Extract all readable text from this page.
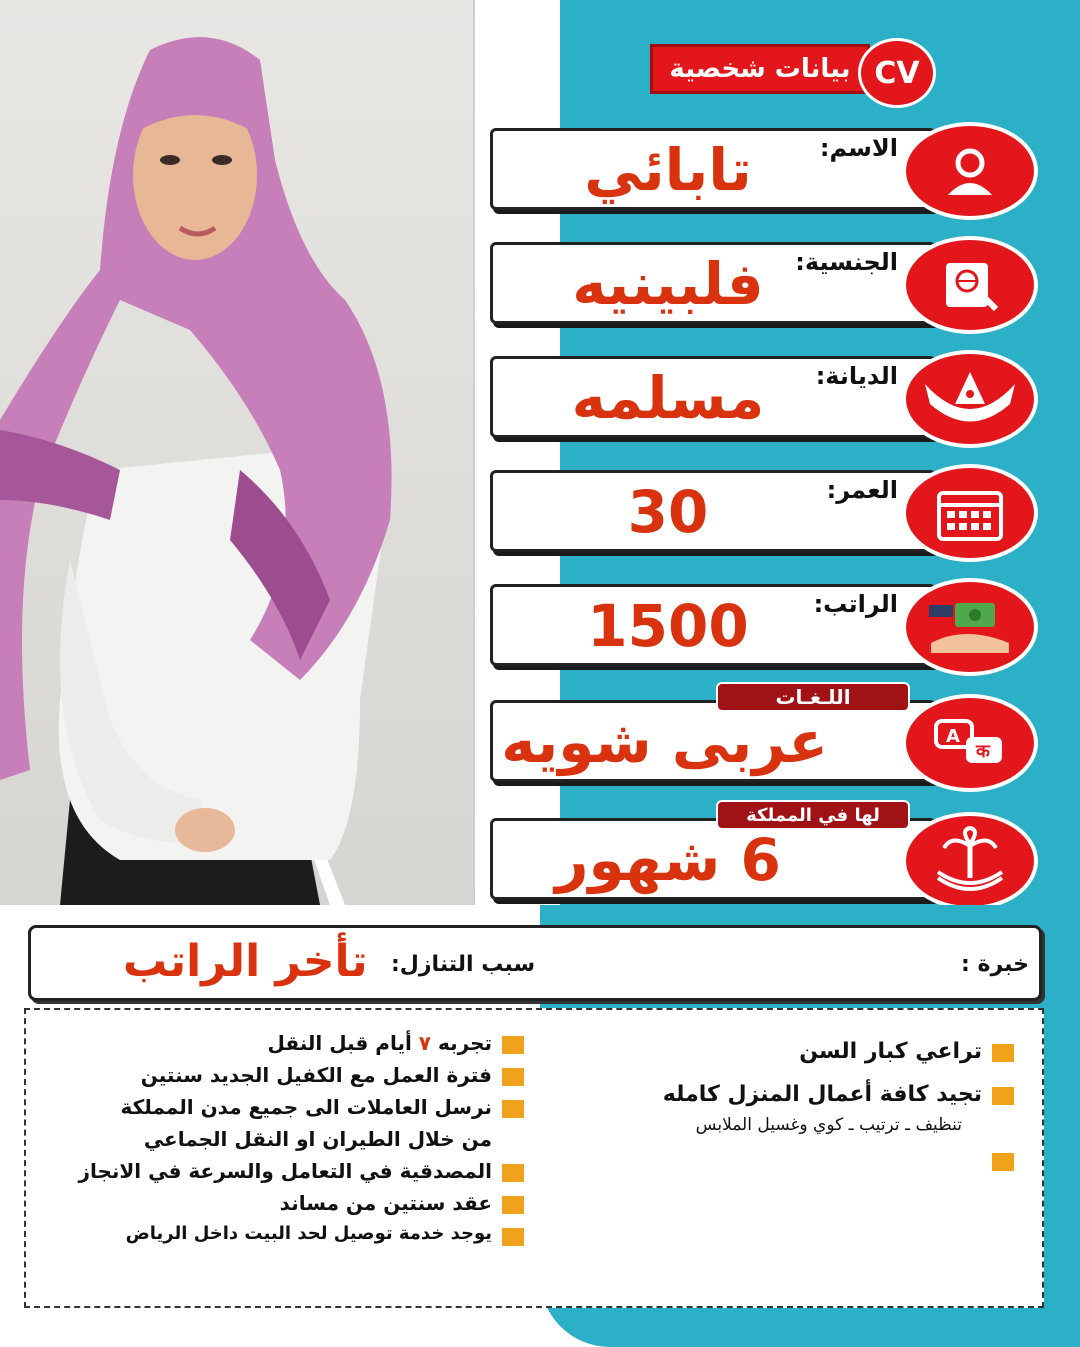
بيانات شخصية CV
الاسم:
تابائي
الجنسية:
فلبينيه
الديانة:
مسلمه
العمر:
30
الراتب:
1500
اللـغـات
عربى شويه	A
क
لها في المملكة
6 شهور
تأخر الراتب سبب التنازل:	خبرة :
تجربه ٧ أيام قبل النقل
فترة العمل مع الكفيل الجديد سنتين
نرسل العاملات الى جميع مدن المملكة
من خلال الطيران او النقل الجماعي
المصدقية في التعامل والسرعة في الانجاز
عقد سنتين من مساند
يوجد خدمة توصيل لحد البيت داخل الرياض
تراعي كبار السن
تجيد كافة أعمال المنزل كامله
تنظيف ـ ترتيب ـ كوي وغسيل الملابس
